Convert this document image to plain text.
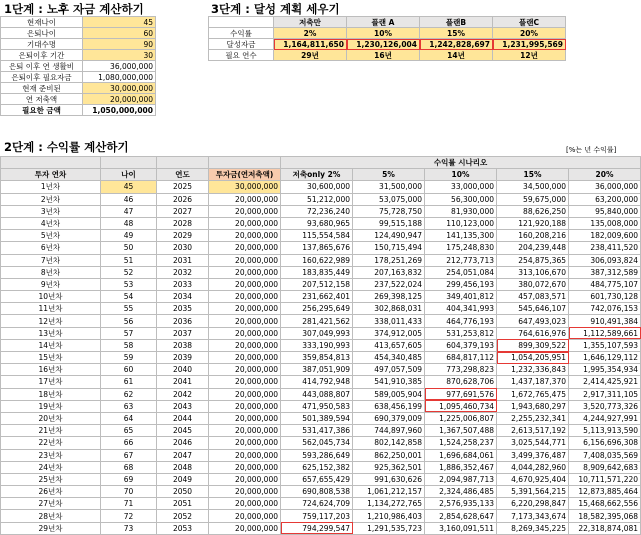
1단계 : 노후 자금 계산하기
현재나이	45
은퇴나이	60
기대수명	90
은퇴이후 기간	30
은퇴 이후 연 생활비	36,000,000
은퇴이후 필요자금	1,080,000,000
현재 준비된	30,000,000
연 저축액	20,000,000
필요한 금액	1,050,000,000
3단계 : 달성 계획 세우기
	저축만	플랜 A	플랜B	플랜C
수익률	2%	10%	15%	20%
달성자금	1,164,811,650	1,230,126,004	1,242,828,697	1,231,995,569
필요 연수	29년	16년	14년	12년
2단계 : 수익률 계산하기	[%는 년 수익률]
				수익률 시나리오				
투자 연차	나이	연도	투자금(연저축액)	저축only 2%	5%	10%	15%	20%
1년차	45	2025	30,000,000	30,600,000	31,500,000	33,000,000	34,500,000	36,000,000
2년차	46	2026	20,000,000	51,212,000	53,075,000	56,300,000	59,675,000	63,200,000
3년차	47	2027	20,000,000	72,236,240	75,728,750	81,930,000	88,626,250	95,840,000
4년차	48	2028	20,000,000	93,680,965	99,515,188	110,123,000	121,920,188	135,008,000
5년차	49	2029	20,000,000	115,554,584	124,490,947	141,135,300	160,208,216	182,009,600
6년차	50	2030	20,000,000	137,865,676	150,715,494	175,248,830	204,239,448	238,411,520
7년차	51	2031	20,000,000	160,622,989	178,251,269	212,773,713	254,875,365	306,093,824
8년차	52	2032	20,000,000	183,835,449	207,163,832	254,051,084	313,106,670	387,312,589
9년차	53	2033	20,000,000	207,512,158	237,522,024	299,456,193	380,072,670	484,775,107
10년차	54	2034	20,000,000	231,662,401	269,398,125	349,401,812	457,083,571	601,730,128
11년차	55	2035	20,000,000	256,295,649	302,868,031	404,341,993	545,646,107	742,076,153
12년차	56	2036	20,000,000	281,421,562	338,011,433	464,776,193	647,493,023	910,491,384
13년차	57	2037	20,000,000	307,049,993	374,912,005	531,253,812	764,616,976	1,112,589,661
14년차	58	2038	20,000,000	333,190,993	413,657,605	604,379,193	899,309,522	1,355,107,593
15년차	59	2039	20,000,000	359,854,813	454,340,485	684,817,112	1,054,205,951	1,646,129,112
16년차	60	2040	20,000,000	387,051,909	497,057,509	773,298,823	1,232,336,843	1,995,354,934
17년차	61	2041	20,000,000	414,792,948	541,910,385	870,628,706	1,437,187,370	2,414,425,921
18년차	62	2042	20,000,000	443,088,807	589,005,904	977,691,576	1,672,765,475	2,917,311,105
19년차	63	2043	20,000,000	471,950,583	638,456,199	1,095,460,734	1,943,680,297	3,520,773,326
20년차	64	2044	20,000,000	501,389,594	690,379,009	1,225,006,807	2,255,232,341	4,244,927,991
21년차	65	2045	20,000,000	531,417,386	744,897,960	1,367,507,488	2,613,517,192	5,113,913,590
22년차	66	2046	20,000,000	562,045,734	802,142,858	1,524,258,237	3,025,544,771	6,156,696,308
23년차	67	2047	20,000,000	593,286,649	862,250,001	1,696,684,061	3,499,376,487	7,408,035,569
24년차	68	2048	20,000,000	625,152,382	925,362,501	1,886,352,467	4,044,282,960	8,909,642,683
25년차	69	2049	20,000,000	657,655,429	991,630,626	2,094,987,713	4,670,925,404	10,711,571,220
26년차	70	2050	20,000,000	690,808,538	1,061,212,157	2,324,486,485	5,391,564,215	12,873,885,464
27년차	71	2051	20,000,000	724,624,709	1,134,272,765	2,576,935,133	6,220,298,847	15,468,662,556
28년차	72	2052	20,000,000	759,117,203	1,210,986,403	2,854,628,647	7,173,343,674	18,582,395,068
29년차	73	2053	20,000,000	794,299,547	1,291,535,723	3,160,091,511	8,269,345,225	22,318,874,081
